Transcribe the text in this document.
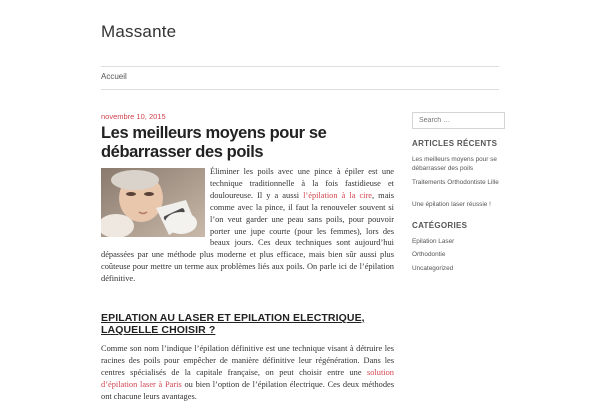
Massante
Accueil
novembre 10, 2015
Les meilleurs moyens pour se débarrasser des poils
Éliminer les poils avec une pince à épiler est une technique traditionnelle à la fois fastidieuse et douloureuse. Il y a aussi l’épilation à la cire, mais comme avec la pince, il faut la renouveler souvent si l’on veut garder une peau sans poils, pour pouvoir porter une jupe courte (pour les femmes), lors des beaux jours. Ces deux techniques sont aujourd’hui dépassées par une méthode plus moderne et plus efficace, mais bien sûr aussi plus coûteuse pour mettre un terme aux problèmes liés aux poils. On parle ici de l’épilation définitive.
EPILATION AU LASER ET EPILATION ELECTRIQUE, LAQUELLE CHOISIR ?
Comme son nom l’indique l’épilation définitive est une technique visant à détruire les racines des poils pour empêcher de manière définitive leur régénération. Dans les centres spécialisés de la capitale française, on peut choisir entre une solution d’épilation laser à Paris ou bien l’option de l’épilation électrique. Ces deux méthodes ont chacune leurs avantages.
Search …
ARTICLES RÉCENTS
Les meilleurs moyens pour se débarrasser des poils
Traitements Orthodontiste Lille
Une épilation laser réussie !
CATÉGORIES
Epilation Laser
Orthodontie
Uncategorized
